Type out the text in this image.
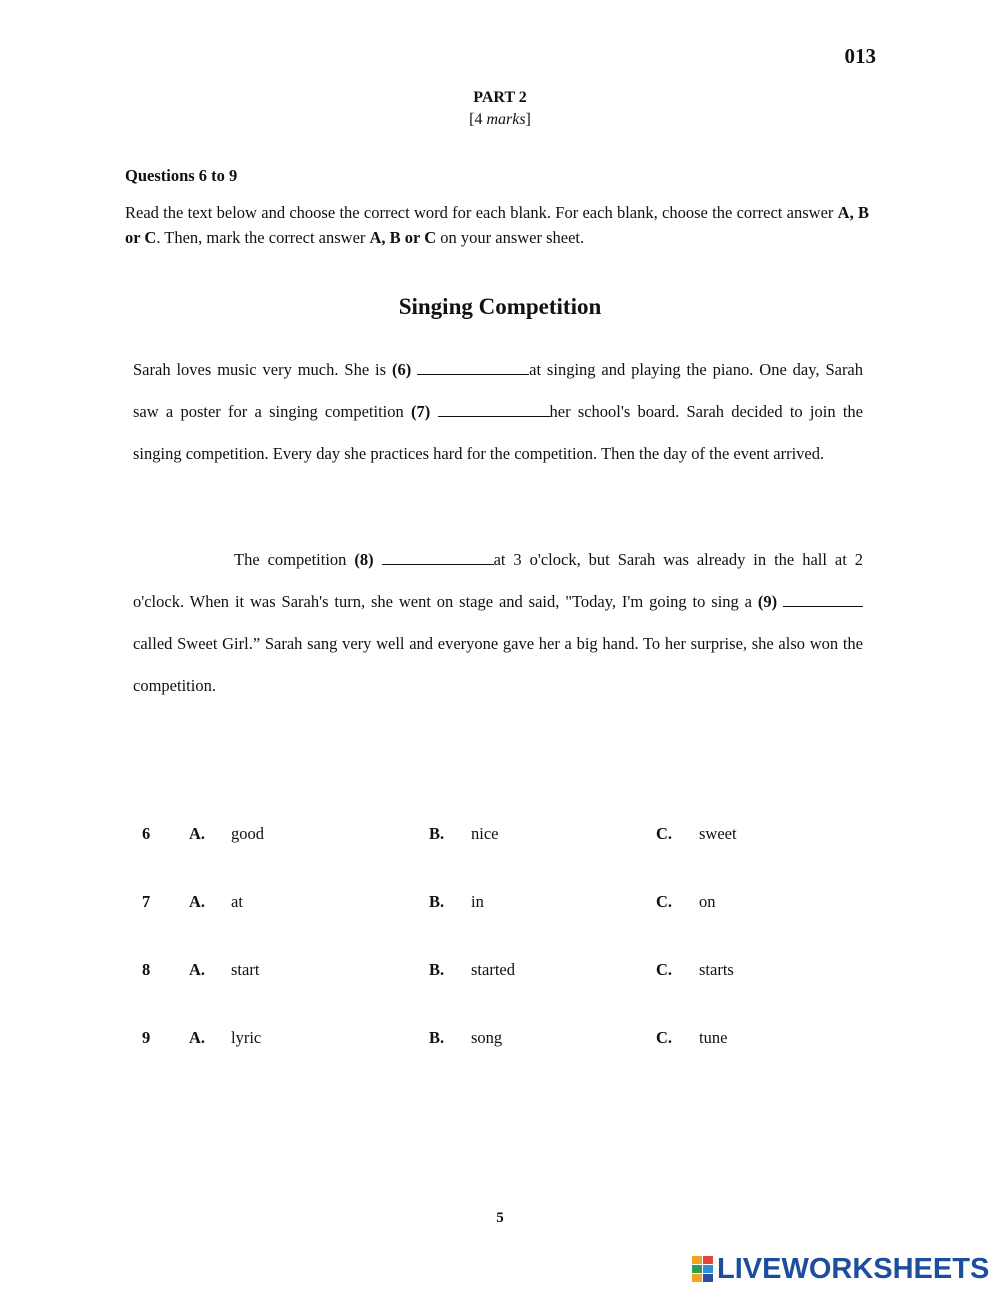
013
PART 2
[4 marks]
Questions 6 to 9
Read the text below and choose the correct word for each blank. For each blank, choose the correct answer A, B or C. Then, mark the correct answer A, B or C on your answer sheet.
Singing Competition
Sarah loves music very much. She is (6)	at singing and playing the piano. One day, Sarah saw a poster for a singing competition (7)	her school's board. Sarah decided to join the singing competition. Every day she practices hard for the competition. Then the day of the event arrived.
The competition (8)	at 3 o'clock, but Sarah was already in the hall at 2 o'clock. When it was Sarah's turn, she went on stage and said, "Today, I'm going to sing a (9)  called Sweet Girl.” Sarah sang very well and everyone gave her a big hand. To her surprise, she also won the competition.
6 A. good	B. nice	C. sweet
7 A. at	B. in	C. on
8 A. start	B. started	C. starts
9 A. lyric	B. song	C. tune
5
LIVEWORKSHEETS
